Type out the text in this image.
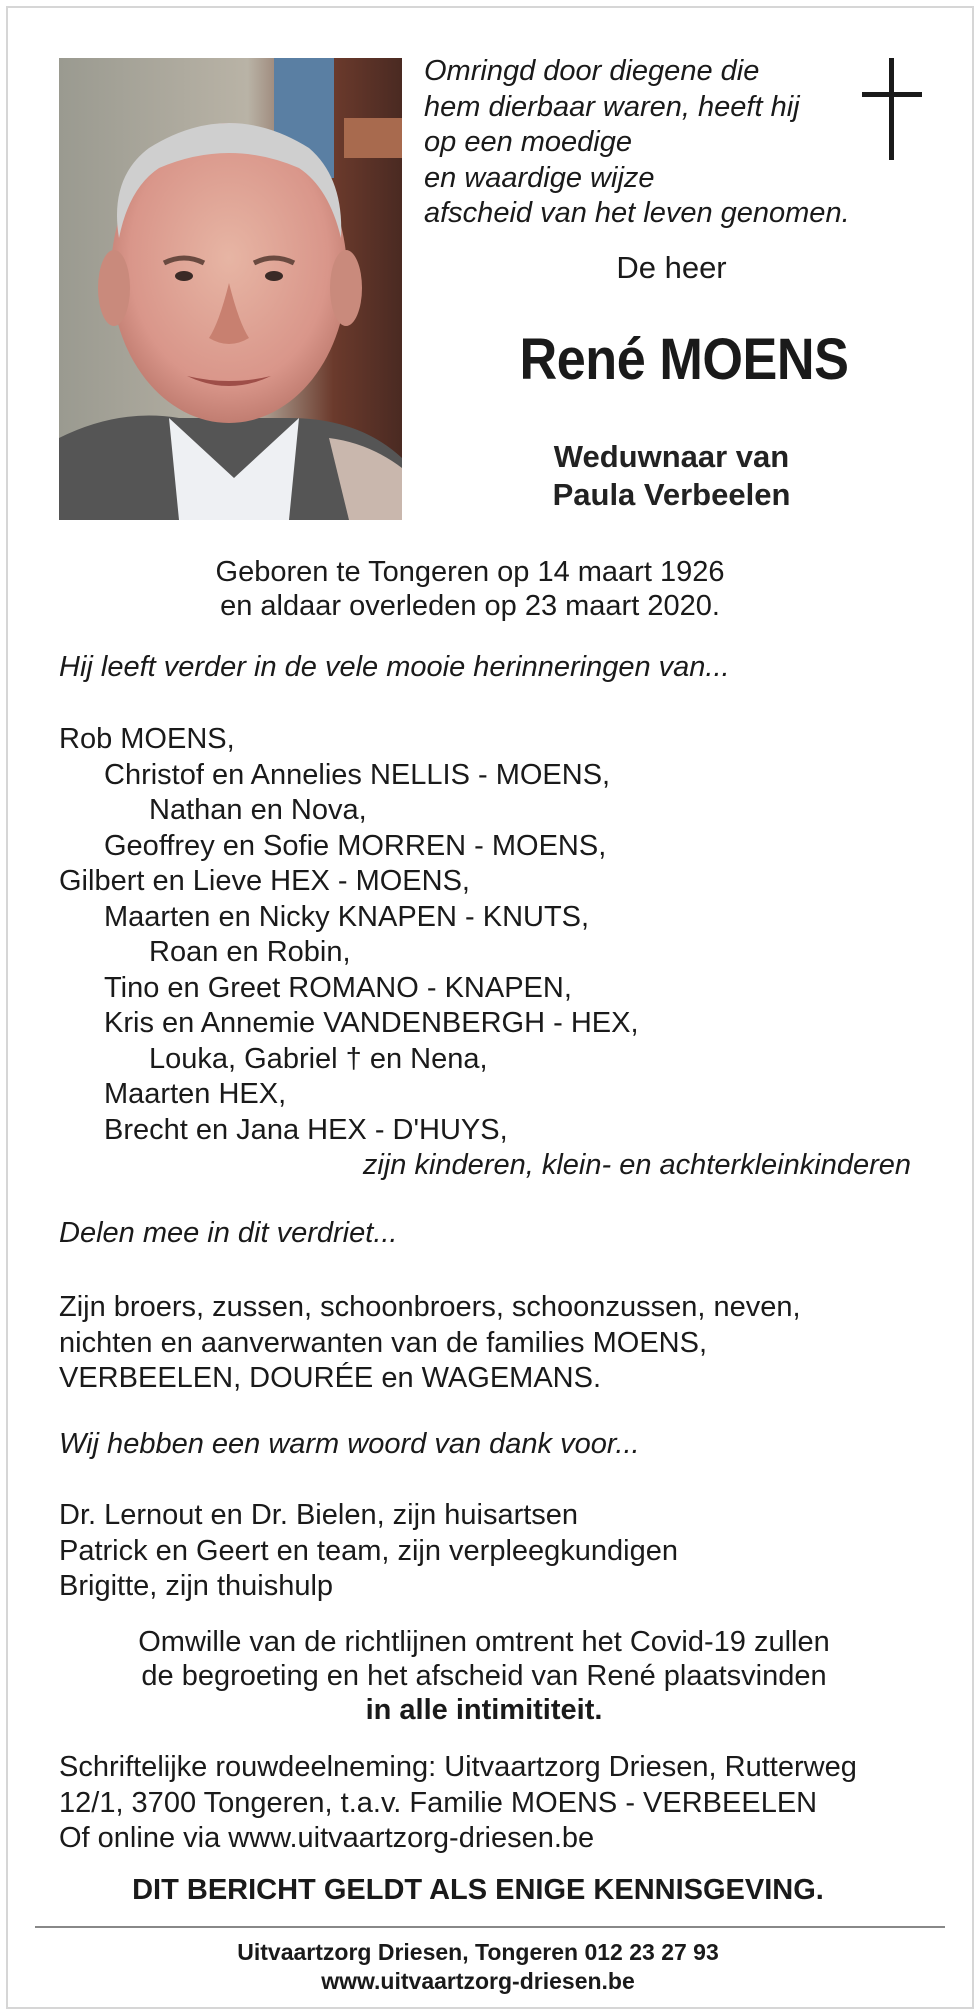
Omringd door diegene die
hem dierbaar waren, heeft hij
op een moedige
en waardige wijze
afscheid van het leven genomen.

De heer

René MOENS

Weduwnaar van
Paula Verbeelen

Geboren te Tongeren op 14 maart 1926
en aldaar overleden op 23 maart 2020.

Hij leeft verder in de vele mooie herinneringen van...

Rob MOENS,

Christof en Annelies NELLIS - MOENS,

Nathan en Nova,

Geoffrey en Sofie MORREN - MOENS,

Gilbert en Lieve HEX - MOENS,

Maarten en Nicky KNAPEN - KNUTS,

Roan en Robin,

Tino en Greet ROMANO - KNAPEN,

Kris en Annemie VANDENBERGH - HEX,

Louka, Gabriel † en Nena,

Maarten HEX,

Brecht en Jana HEX - D'HUYS,

zijn kinderen, klein- en achterkleinkinderen

Delen mee in dit verdriet...

Zijn broers, zussen, schoonbroers, schoonzussen, neven,

nichten en aanverwanten van de families MOENS,

VERBEELEN, DOURÉE en WAGEMANS.

Wij hebben een warm woord van dank voor...

Dr. Lernout en Dr. Bielen, zijn huisartsen

Patrick en Geert en team, zijn verpleegkundigen

Brigitte, zijn thuishulp

Omwille van de richtlijnen omtrent het Covid-19 zullen
de begroeting en het afscheid van René plaatsvinden
in alle intimititeit.

Schriftelijke rouwdeelneming: Uitvaartzorg Driesen, Rutterweg

12/1, 3700 Tongeren, t.a.v. Familie MOENS - VERBEELEN

Of online via www.uitvaartzorg-driesen.be

DIT BERICHT GELDT ALS ENIGE KENNISGEVING.

Uitvaartzorg Driesen, Tongeren 012 23 27 93
www.uitvaartzorg-driesen.be
